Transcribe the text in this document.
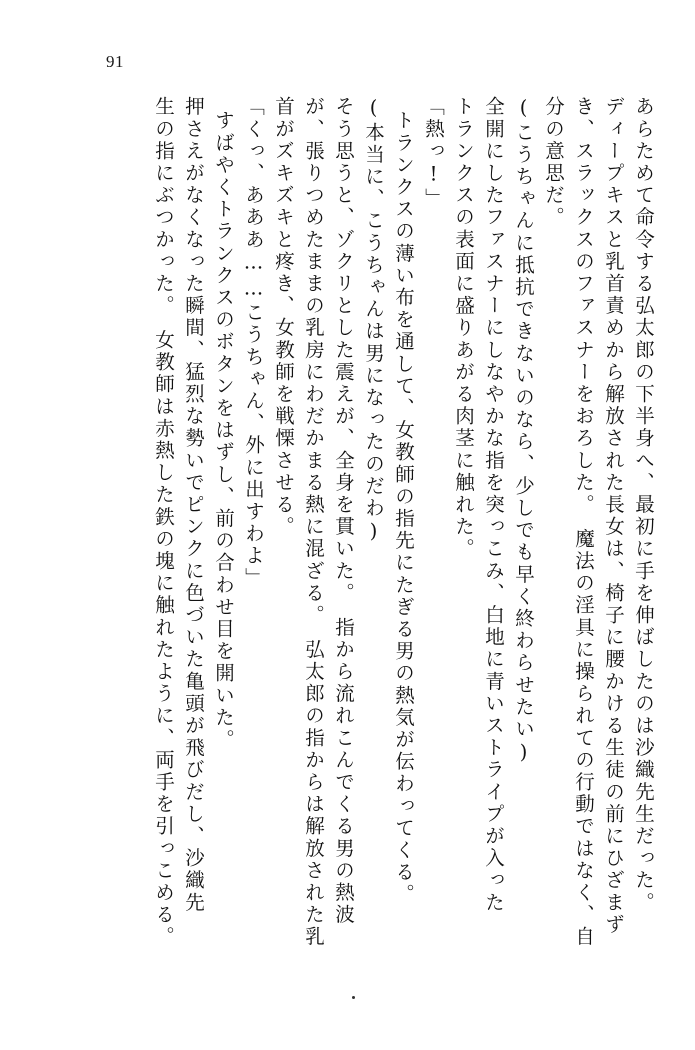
91
あらためて命令する弘太郎の下半身へ、最初に手を伸ばしたのは沙織先生だった。
ディープキスと乳首責めから解放された長女は、椅子に腰かける生徒の前にひざまず
き、スラックスのファスナーをおろした。　魔法の淫具に操られての行動ではなく、自
分の意思だ。
(こうちゃんに抵抗できないのなら、少しでも早く終わらせたい)
全開にしたファスナーにしなやかな指を突っこみ、白地に青いストライプが入った
トランクスの表面に盛りあがる肉茎に触れた。
「熱っ!」
トランクスの薄い布を通して、女教師の指先にたぎる男の熱気が伝わってくる。
(本当に、こうちゃんは男になったのだわ)
そう思うと、ゾクリとした震えが、全身を貫いた。　指から流れこんでくる男の熱波
が、張りつめたままの乳房にわだかまる熱に混ざる。　弘太郎の指からは解放された乳
首がズキズキと疼き、女教師を戦慄させる。
「くっ、あああ……こうちゃん、外に出すわよ」
すばやくトランクスのボタンをはずし、前の合わせ目を開いた。
押さえがなくなった瞬間、猛烈な勢いでピンクに色づいた亀頭が飛びだし、沙織先
生の指にぶつかった。　女教師は赤熱した鉄の塊に触れたように、両手を引っこめる。
